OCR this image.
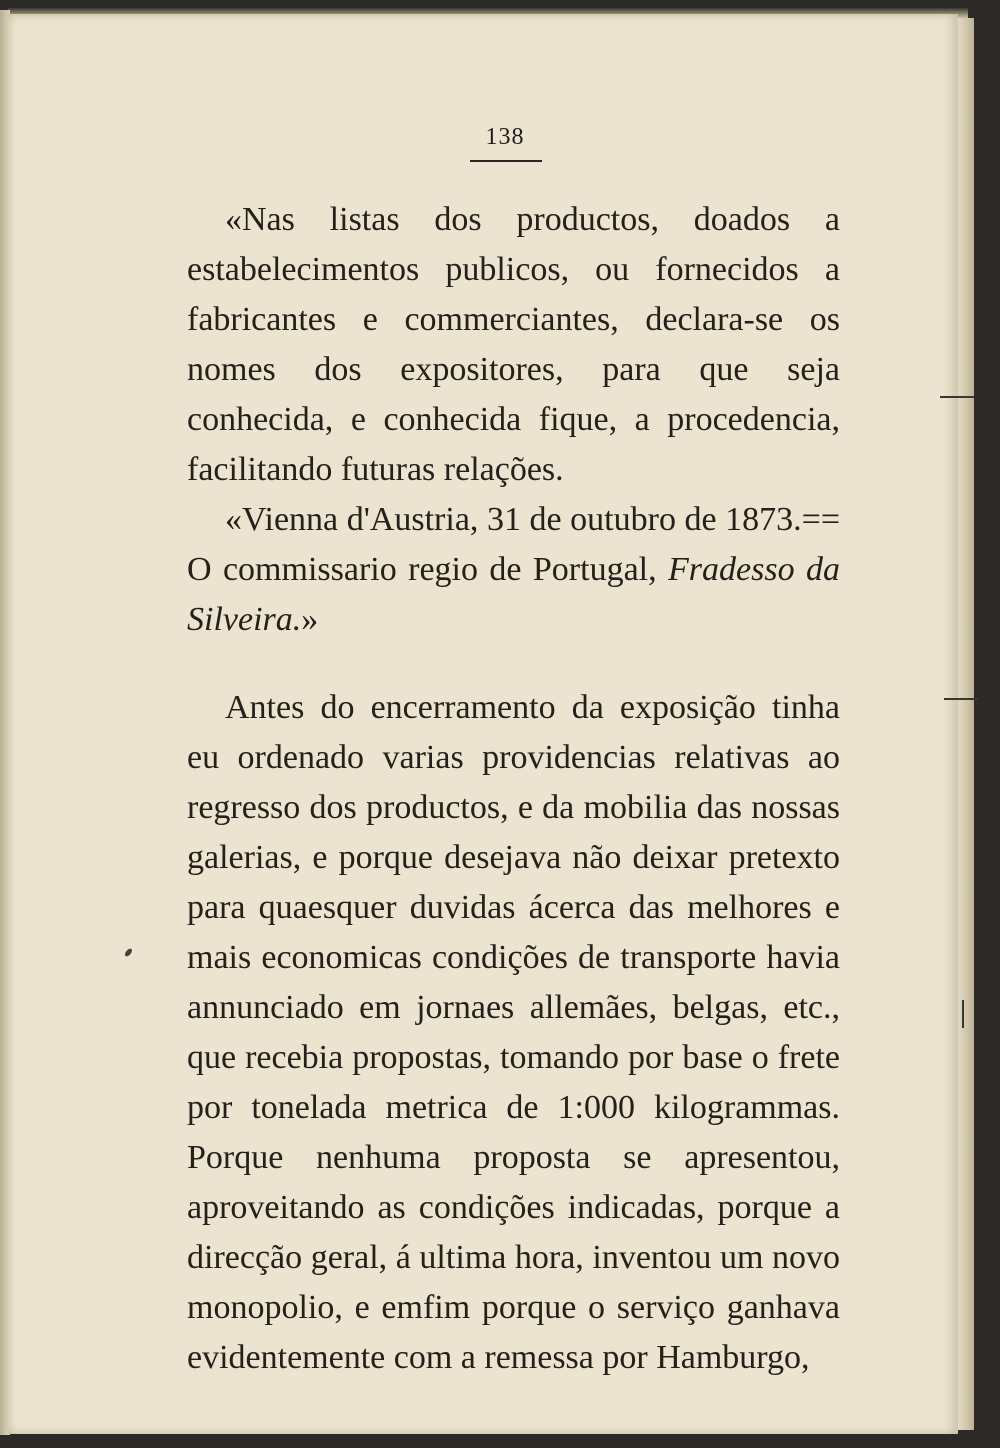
138

«Nas listas dos productos, doados a estabelecimentos publicos, ou fornecidos a fabricantes e commerciantes, declara-se os nomes dos expositores, para que seja conhecida, e conhecida fique, a procedencia, facilitando futuras relações.

«Vienna d'Austria, 31 de outubro de 1873.== O commissario regio de Portugal, Fradesso da Silveira.»

Antes do encerramento da exposição tinha eu ordenado varias providencias relativas ao regresso dos productos, e da mobilia das nossas galerias, e porque desejava não deixar pretexto para quaesquer duvidas ácerca das melhores e mais economicas condições de transporte havia annunciado em jornaes allemães, belgas, etc., que recebia propostas, tomando por base o frete por tonelada metrica de 1:000 kilogrammas. Porque nenhuma proposta se apresentou, aproveitando as condições indicadas, porque a direcção geral, á ultima hora, inventou um novo monopolio, e emfim porque o serviço ganhava evidentemente com a remessa por Hamburgo,
